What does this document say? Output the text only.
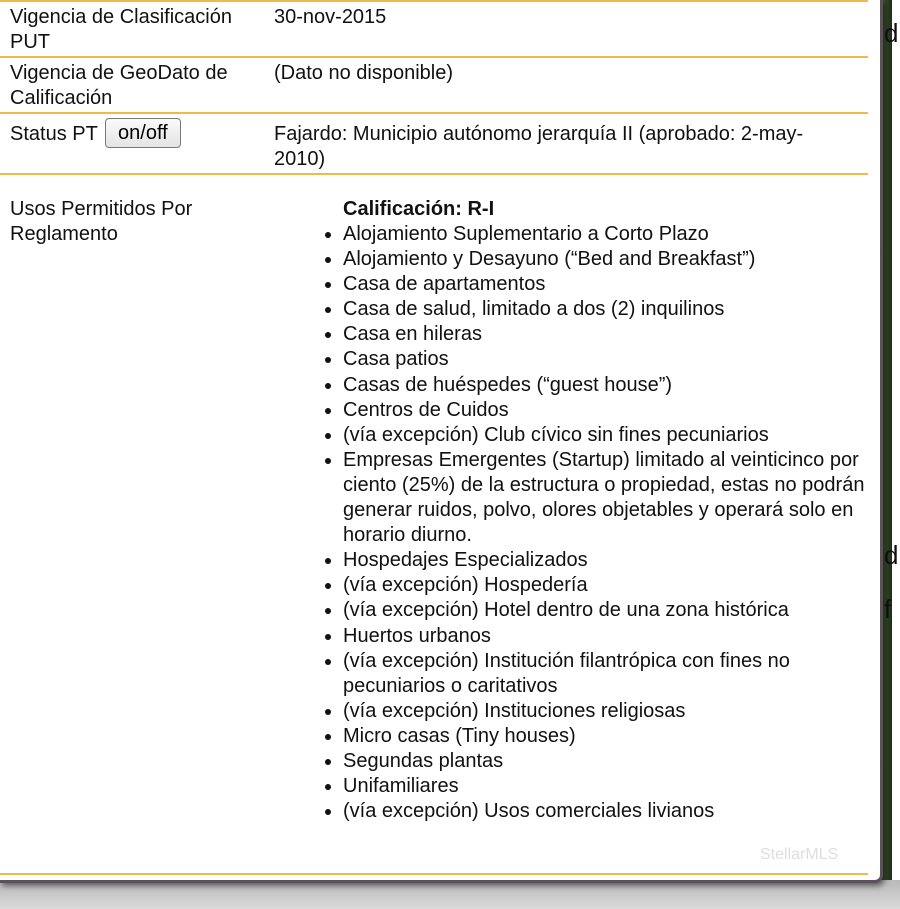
d
d
f
Vigencia de Clasificación PUT
30-nov-2015
Vigencia de GeoDato de Calificación
(Dato no disponible)
Status PT on/off	Fajardo: Municipio autónomo jerarquía II (aprobado: 2-may-2010)
Usos Permitidos Por Reglamento
Calificación: R-I
Alojamiento Suplementario a Corto Plazo
Alojamiento y Desayuno (“Bed and Breakfast”)
Casa de apartamentos
Casa de salud, limitado a dos (2) inquilinos
Casa en hileras
Casa patios
Casas de huéspedes (“guest house”)
Centros de Cuidos
(vía excepción) Club cívico sin fines pecuniarios
Empresas Emergentes (Startup) limitado al veinticinco por ciento (25%) de la estructura o propiedad, estas no podrán generar ruidos, polvo, olores objetables y operará solo en horario diurno.
Hospedajes Especializados
(vía excepción) Hospedería
(vía excepción) Hotel dentro de una zona histórica
Huertos urbanos
(vía excepción) Institución filantrópica con fines no pecuniarios o caritativos
(vía excepción) Instituciones religiosas
Micro casas (Tiny houses)
Segundas plantas
Unifamiliares
(vía excepción) Usos comerciales livianos
StellarMLS
